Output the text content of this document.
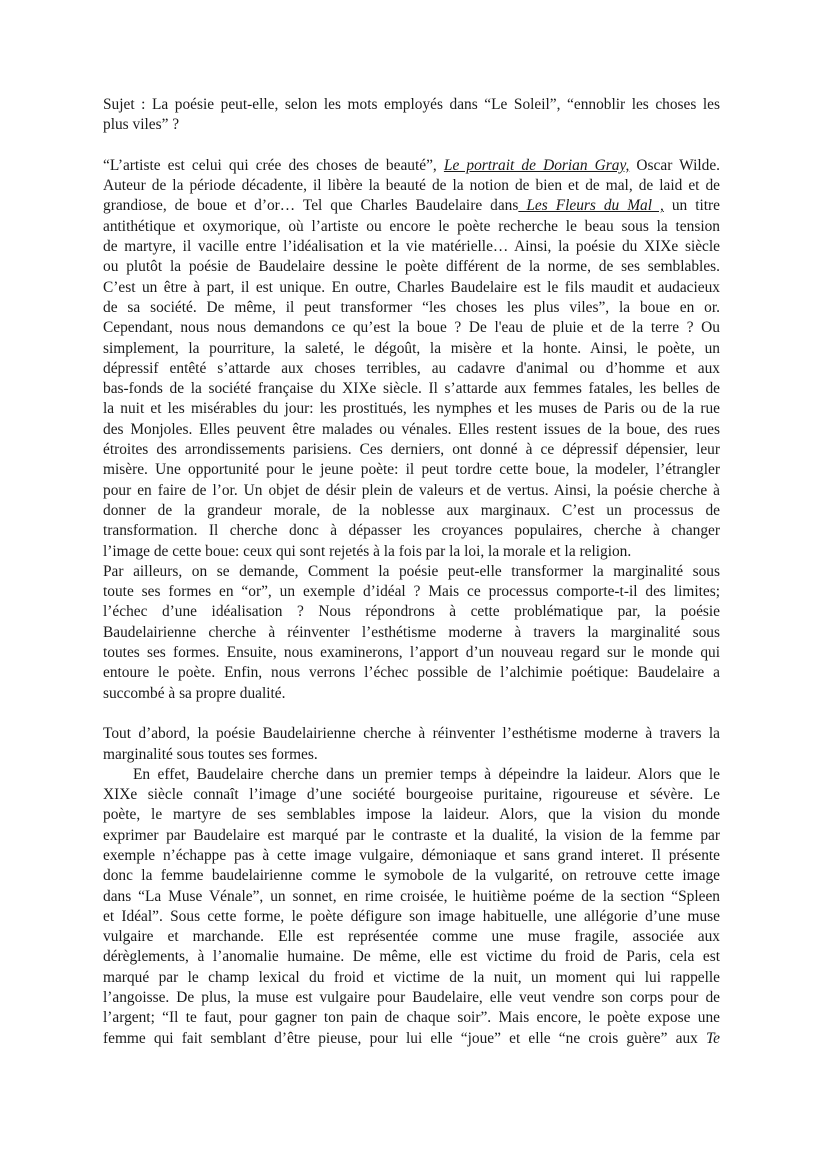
Sujet : La poésie peut-elle, selon les mots employés dans “Le Soleil”, “ennoblir les choses les
plus viles” ?
“L’artiste est celui qui crée des choses de beauté”, Le portrait de Dorian Gray, Oscar Wilde.
Auteur de la période décadente, il libère la beauté de la notion de bien et de mal, de laid et de
grandiose, de boue et d’or… Tel que Charles Baudelaire dans Les Fleurs du Mal , un titre
antithétique et oxymorique, où l’artiste ou encore le poète recherche le beau sous la tension
de martyre, il vacille entre l’idéalisation et la vie matérielle… Ainsi, la poésie du XIXe siècle
ou plutôt la poésie de Baudelaire dessine le poète différent de la norme, de ses semblables.
C’est un être à part, il est unique. En outre, Charles Baudelaire est le fils maudit et audacieux
de sa société. De même, il peut transformer “les choses les plus viles”, la boue en or.
Cependant, nous nous demandons ce qu’est la boue ? De l'eau de pluie et de la terre ? Ou
simplement, la pourriture, la saleté, le dégoût, la misère et la honte. Ainsi, le poète, un
dépressif entêté s’attarde aux choses terribles, au cadavre d'animal ou d’homme et aux
bas-fonds de la société française du XIXe siècle. Il s’attarde aux femmes fatales, les belles de
la nuit et les misérables du jour: les prostitués, les nymphes et les muses de Paris ou de la rue
des Monjoles. Elles peuvent être malades ou vénales. Elles restent issues de la boue, des rues
étroites des arrondissements parisiens. Ces derniers, ont donné à ce dépressif dépensier, leur
misère. Une opportunité pour le jeune poète: il peut tordre cette boue, la modeler, l’étrangler
pour en faire de l’or. Un objet de désir plein de valeurs et de vertus. Ainsi, la poésie cherche à
donner de la grandeur morale, de la noblesse aux marginaux. C’est un processus de
transformation. Il cherche donc à dépasser les croyances populaires, cherche à changer
l’image de cette boue: ceux qui sont rejetés à la fois par la loi, la morale et la religion.
Par ailleurs, on se demande, Comment la poésie peut-elle transformer la marginalité sous
toute ses formes en “or”, un exemple d’idéal ? Mais ce processus comporte-t-il des limites;
l’échec d’une idéalisation ? Nous répondrons à cette problématique par, la poésie
Baudelairienne cherche à réinventer l’esthétisme moderne à travers la marginalité sous
toutes ses formes. Ensuite, nous examinerons, l’apport d’un nouveau regard sur le monde qui
entoure le poète. Enfin, nous verrons l’échec possible de l’alchimie poétique: Baudelaire a
succombé à sa propre dualité.
Tout d’abord, la poésie Baudelairienne cherche à réinventer l’esthétisme moderne à travers la
marginalité sous toutes ses formes.
En effet, Baudelaire cherche dans un premier temps à dépeindre la laideur. Alors que le
XIXe siècle connaît l’image d’une société bourgeoise puritaine, rigoureuse et sévère. Le
poète, le martyre de ses semblables impose la laideur. Alors, que la vision du monde
exprimer par Baudelaire est marqué par le contraste et la dualité, la vision de la femme par
exemple n’échappe pas à cette image vulgaire, démoniaque et sans grand interet. Il présente
donc la femme baudelairienne comme le symobole de la vulgarité, on retrouve cette image
dans “La Muse Vénale”, un sonnet, en rime croisée, le huitième poéme de la section “Spleen
et Idéal”. Sous cette forme, le poète défigure son image habituelle, une allégorie d’une muse
vulgaire et marchande. Elle est représentée comme une muse fragile, associée aux
dérèglements, à l’anomalie humaine. De même, elle est victime du froid de Paris, cela est
marqué par le champ lexical du froid et victime de la nuit, un moment qui lui rappelle
l’angoisse. De plus, la muse est vulgaire pour Baudelaire, elle veut vendre son corps pour de
l’argent; “Il te faut, pour gagner ton pain de chaque soir”. Mais encore, le poète expose une
femme qui fait semblant d’être pieuse, pour lui elle “joue” et elle “ne crois guère” aux Te
